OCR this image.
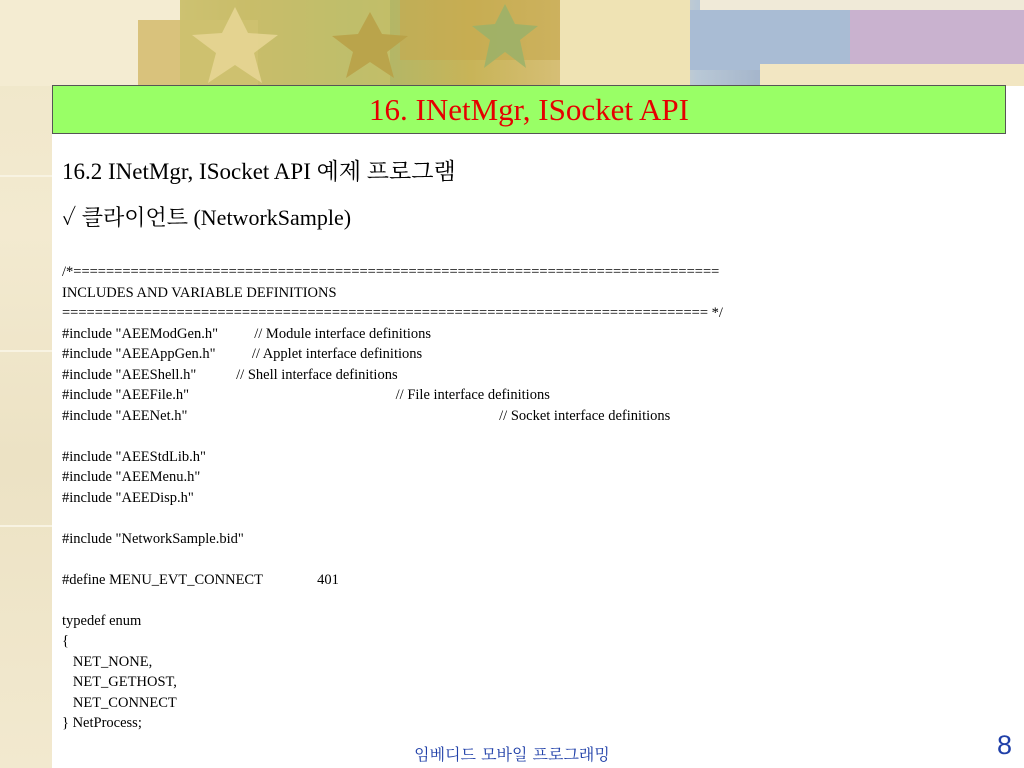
16. INetMgr, ISocket API
16.2 INetMgr, ISocket API 예제 프로그램
✓ 클라이언트 (NetworkSample)
/*===============================================================================
INCLUDES AND VARIABLE DEFINITIONS
=============================================================================== */
#include "AEEModGen.h"          // Module interface definitions
#include "AEEAppGen.h"          // Applet interface definitions
#include "AEEShell.h"           // Shell interface definitions
#include "AEEFile.h"                                                         // File interface definitions
#include "AEENet.h"                                                                                      // Socket interface definitions

#include "AEEStdLib.h"
#include "AEEMenu.h"
#include "AEEDisp.h"

#include "NetworkSample.bid"

#define MENU_EVT_CONNECT               401

typedef enum
{
NET_NONE,
NET_GETHOST,
NET_CONNECT
} NetProcess;
임베디드 모바일 프로그래밍	8
